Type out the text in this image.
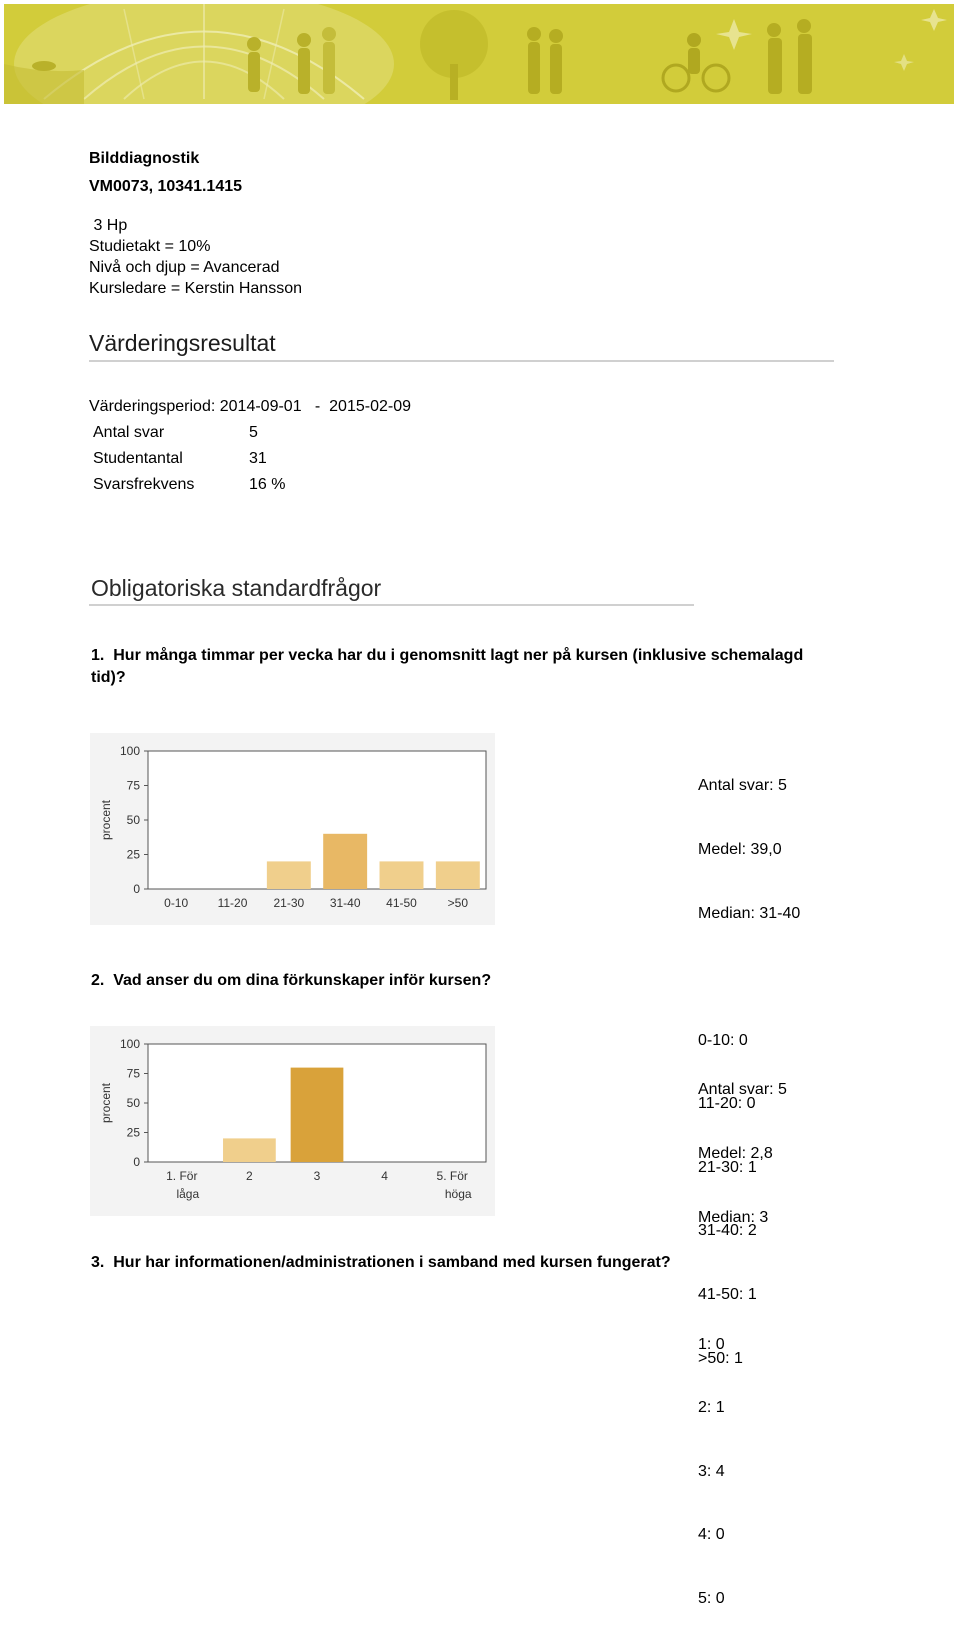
Bilddiagnostik
VM0073, 10341.1415
3 Hp
Studietakt = 10%
Nivå och djup = Avancerad
Kursledare = Kerstin Hansson
Värderingsresultat
Värderingsperiod: 2014-09-01   -  2015-02-09
Antal svar	5
Studentantal	31
Svarsfrekvens	16 %
Obligatoriska standardfrågor
1.  Hur många timmar per vecka har du i genomsnitt lagt ner på kursen (inklusive schemalagd tid)?
100
75
50
25
0
procent
0-10 11-20 21-30 31-40 41-50	>50

Antal svar: 5

Medel: 39,0

Median: 31-40

0-10: 0

11-20: 0

21-30: 1

31-40: 2

41-50: 1

>50: 1

2.  Vad anser du om dina förkunskaper inför kursen?
100
75
50
25
0
procent
1. För
låga
2	3	4	5. För
höga

Antal svar: 5

Medel: 2,8

Median: 3

1: 0

2: 1

3: 4

4: 0

5: 0

3.  Hur har informationen/administrationen i samband med kursen fungerat?
